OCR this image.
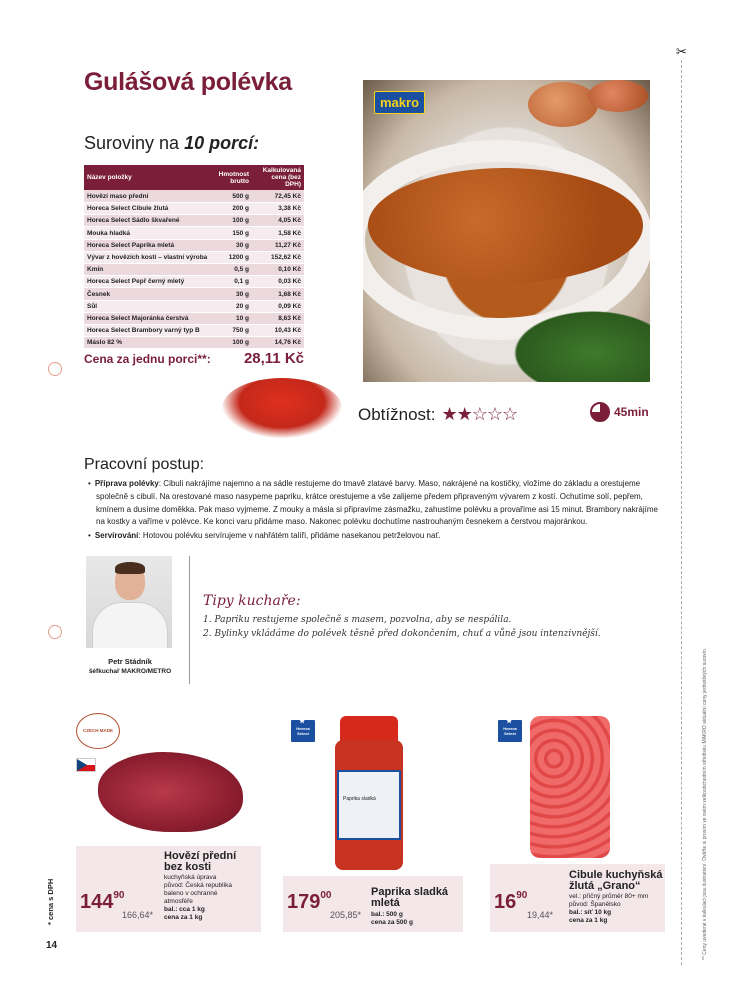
Gulášová polévka
Suroviny na 10 porcí:
Název položky	Hmotnost brutto	Kalkulovaná cena (bez DPH)
Hovězí maso přední	500 g	72,45 Kč
Horeca Select Cibule žlutá	200 g	3,38 Kč
Horeca Select Sádlo škvařené	100 g	4,05 Kč
Mouka hladká	150 g	1,58 Kč
Horeca Select Paprika mletá	30 g	11,27 Kč
Vývar z hovězích kostí – vlastní výroba	1200 g	152,62 Kč
Kmín	0,5 g	0,10 Kč
Horeca Select Pepř černý mletý	0,1 g	0,03 Kč
Česnek	30 g	1,68 Kč
Sůl	20 g	0,09 Kč
Horeca Select Majoránka čerstvá	10 g	8,63 Kč
Horeca Select Brambory varný typ B	750 g	10,43 Kč
Máslo 82 %	100 g	14,76 Kč
Cena za jednu porci**: 28,11 Kč
makro
Obtížnost: ★★☆☆☆	45min
Pracovní postup:
• Příprava polévky: Cibuli nakrájíme najemno a na sádle restujeme do tmavě zlatavé barvy. Maso, nakrájené na kostičky, vložíme do základu a orestujeme společně s cibulí. Na orestované maso nasypeme papriku, krátce orestujeme a vše zalijeme předem připraveným vývarem z kostí. Ochutíme solí, pepřem, kmínem a dusíme doměkka. Pak maso vyjmeme. Z mouky a másla si připravíme zásmažku, zahustíme polévku a provaříme asi 15 minut. Brambory nakrájíme na kostky a vaříme v polévce. Ke konci varu přidáme maso. Nakonec polévku dochutíme nastrouhaným česnekem a čerstvou majoránkou.
• Servírování: Hotovou polévku servírujeme v nahřátém talíři, přidáme nasekanou petrželovou nať.
Petr Stádník
šéfkuchař MAKRO/METRO
Tipy kuchaře:
1. Papriku restujeme společně s masem, pozvolna, aby se nespálila.
2. Bylinky vkládáme do polévek těsně před dokončením, chuť a vůně jsou intenzivnější.
✂
** Ceny uvedené v kalkulaci jsou ilustrativní. Ověřte si prosím ve svém velkoobchodním středisku MAKRO aktuální ceny jednotlivých surovin.
* cena s DPH
14
CZECH MADE
Hovězí přední bez kosti
kuchyňská úprava
původ: Česká republika
baleno v ochranné
atmosféře
bal.: cca 1 kg
cena za 1 kg
$144^{90}$
166,64*
★ Horeca Select
Paprika sladká
Paprika sladká mletá
bal.: 500 g
cena za 500 g
$179^{00}$
205,85*
★ Horeca Select
Cibule kuchyňská žlutá „Grano“
vel.: příčný průměr 80+ mm
původ: Španělsko
bal.: síť 10 kg
cena za 1 kg
$16^{90}$
19,44*
